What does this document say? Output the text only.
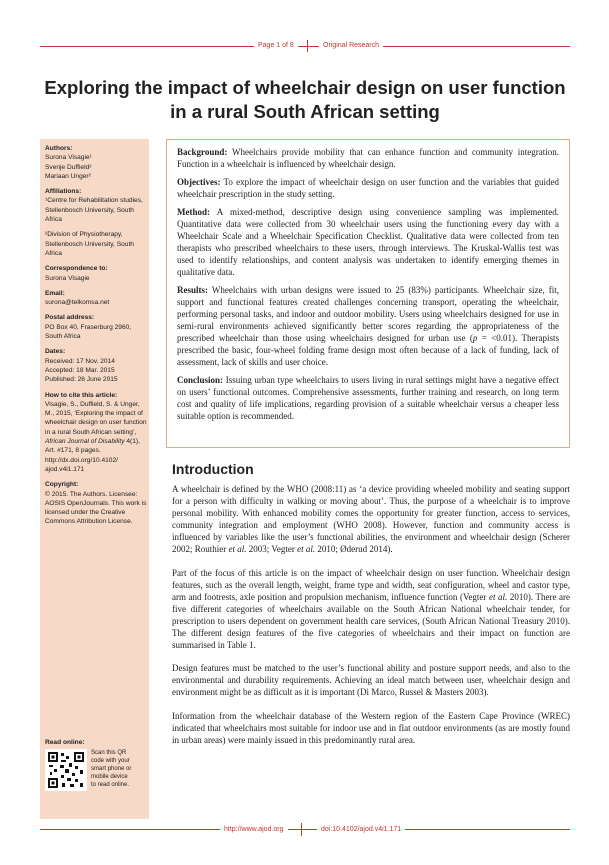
Page 1 of 8	Original Research
Exploring the impact of wheelchair design on user function in a rural South African setting
Authors:
Surona Visagie¹
Svenje Duffield²
Mariaan Unger²
Affiliations:
¹Centre for Rehabilitation studies, Stellenbosch University, South Africa
²Division of Physiotherapy, Stellenbosch University, South Africa
Correspondence to:
Surona Visagie
Email:
surona@telkomsa.net
Postal address:
PO Box 40, Fraserburg 2960, South Africa
Dates:
Received: 17 Nov. 2014
Accepted: 18 Mar. 2015
Published: 26 June 2015
How to cite this article:
Visagie, S., Duffield, S. & Unger, M., 2015, ‘Exploring the impact of wheelchair design on user function in a rural South African setting’, African Journal of Disability 4(1), Art. #171, 8 pages. http://dx.doi.org/10.4102/ ajod.v4i1.171
Copyright:
© 2015. The Authors. Licensee: AOSIS OpenJournals. This work is licensed under the Creative Commons Attribution License.
Read online:
Scan this QR
code with your
smart phone or
mobile device
to read online.

Background: Wheelchairs provide mobility that can enhance function and community integration. Function in a wheelchair is influenced by wheelchair design.

Objectives: To explore the impact of wheelchair design on user function and the variables that guided wheelchair prescription in the study setting.

Method: A mixed-method, descriptive design using convenience sampling was implemented. Quantitative data were collected from 30 wheelchair users using the functioning every day with a Wheelchair Scale and a Wheelchair Specification Checklist. Qualitative data were collected from ten therapists who prescribed wheelchairs to these users, through interviews. The Kruskal-Wallis test was used to identify relationships, and content analysis was undertaken to identify emerging themes in qualitative data.

Results: Wheelchairs with urban designs were issued to 25 (83%) participants. Wheelchair size, fit, support and functional features created challenges concerning transport, operating the wheelchair, performing personal tasks, and indoor and outdoor mobility. Users using wheelchairs designed for use in semi-rural environments achieved significantly better scores regarding the appropriateness of the prescribed wheelchair than those using wheelchairs designed for urban use (p = <0.01). Therapists prescribed the basic, four-wheel folding frame design most often because of a lack of funding, lack of assessment, lack of skills and user choice.

Conclusion: Issuing urban type wheelchairs to users living in rural settings might have a negative effect on users’ functional outcomes. Comprehensive assessments, further training and research, on long term cost and quality of life implications, regarding provision of a suitable wheelchair versus a cheaper less suitable option is recommended.

Introduction

A wheelchair is defined by the WHO (2008:11) as ‘a device providing wheeled mobility and seating support for a person with difficulty in walking or moving about’. Thus, the purpose of a wheelchair is to improve personal mobility. With enhanced mobility comes the opportunity for greater function, access to services, community integration and employment (WHO 2008). However, function and community access is influenced by variables like the user’s functional abilities, the environment and wheelchair design (Scherer 2002; Routhier et al. 2003; Vegter et al. 2010; Øderud 2014).

Part of the focus of this article is on the impact of wheelchair design on user function. Wheelchair design features, such as the overall length, weight, frame type and width, seat configuration, wheel and castor type, arm and footrests, axle position and propulsion mechanism, influence function (Vegter et al. 2010). There are five different categories of wheelchairs available on the South African National wheelchair tender, for prescription to users dependent on government health care services, (South African National Treasury 2010). The different design features of the five categories of wheelchairs and their impact on function are summarised in Table 1.

Design features must be matched to the user’s functional ability and posture support needs, and also to the environmental and durability requirements. Achieving an ideal match between user, wheelchair design and environment might be as difficult as it is important (Di Marco, Russel & Masters 2003).

Information from the wheelchair database of the Western region of the Eastern Cape Province (WREC) indicated that wheelchairs most suitable for indoor use and in flat outdoor environments (as are mostly found in urban areas) were mainly issued in this predominantly rural area.

http://www.ajod.org	doi:10.4102/ajod.v4i1.171
